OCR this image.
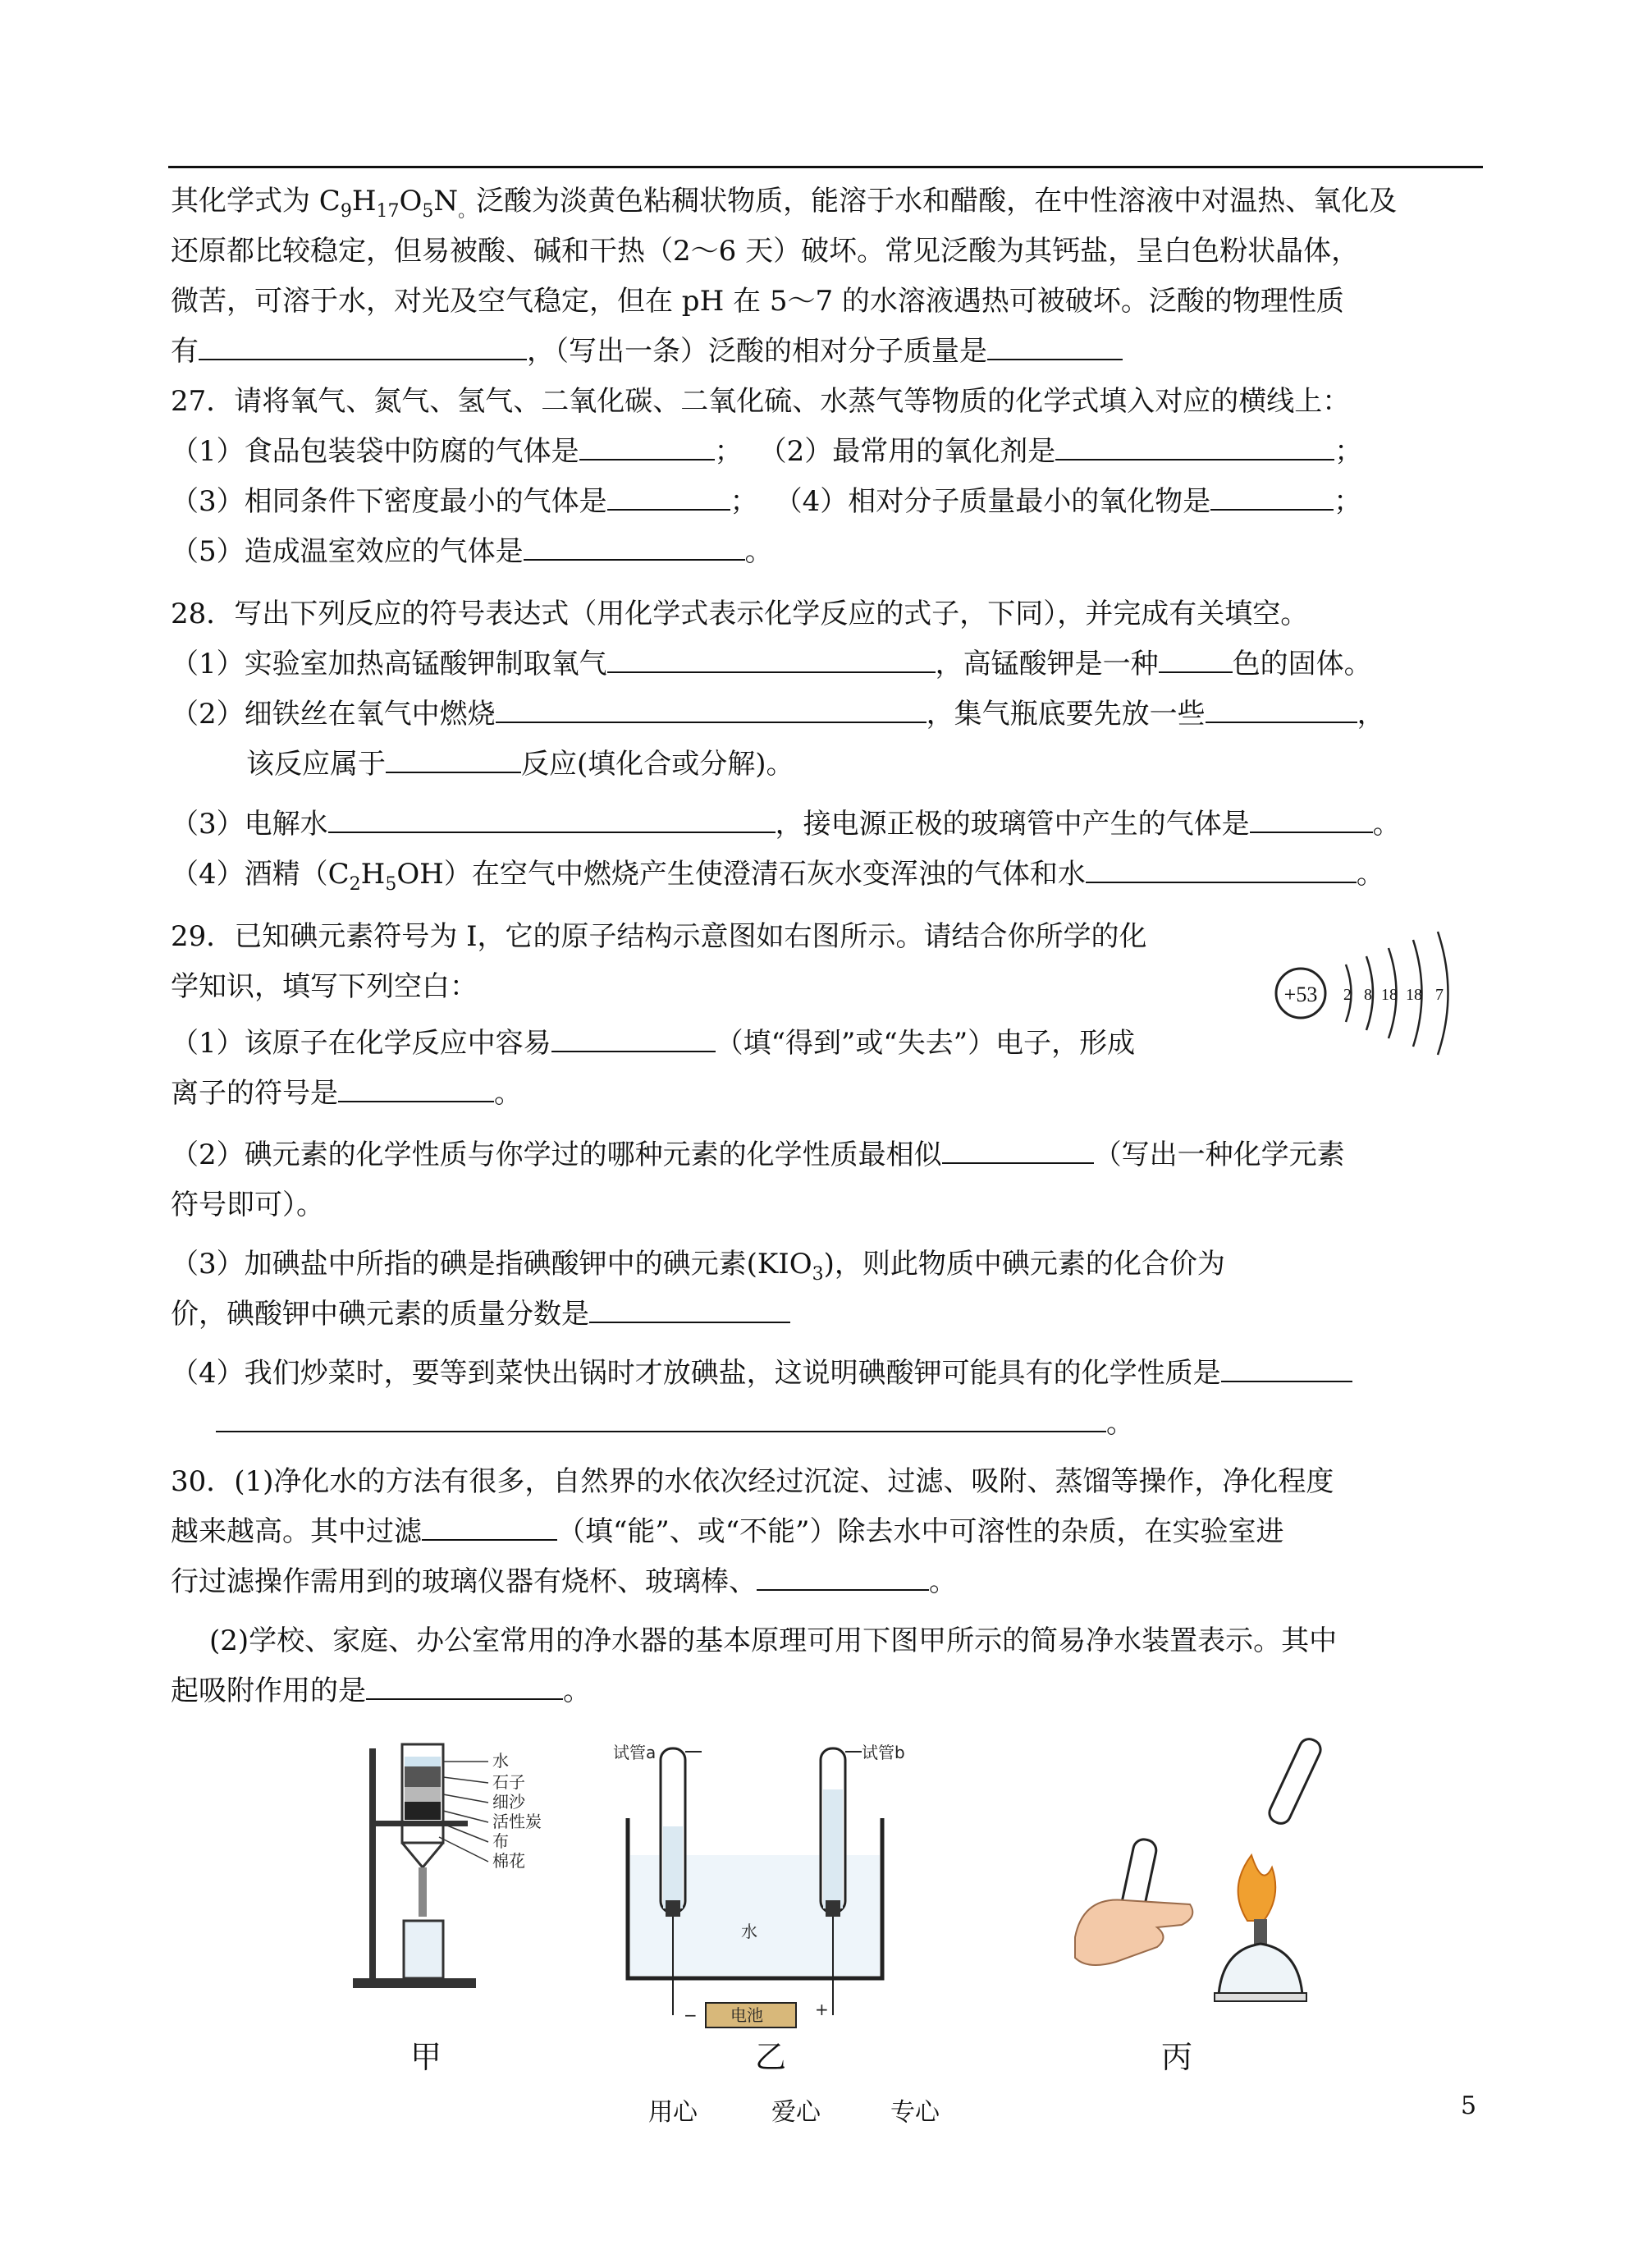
其化学式为 $C_9H_{17}O_5N_。$泛酸为淡黄色粘稠状物质，能溶于水和醋酸，在中性溶液中对温热、氧化及
还原都比较稳定，但易被酸、碱和干热（2～6 天）破坏。常见泛酸为其钙盐，呈白色粉状晶体，
微苦，可溶于水，对光及空气稳定，但在 pH 在 5～7 的水溶液遇热可被破坏。泛酸的物理性质
有	，（写出一条）泛酸的相对分子质量是
27．请将氧气、氮气、氢气、二氧化碳、二氧化硫、水蒸气等物质的化学式填入对应的横线上：
（1）食品包装袋中防腐的气体是	； （2）最常用的氧化剂是	；
（3）相同条件下密度最小的气体是	； （4）相对分子质量最小的氧化物是	；
（5）造成温室效应的气体是	。
28．写出下列反应的符号表达式（用化学式表示化学反应的式子，下同），并完成有关填空。
（1）实验室加热高锰酸钾制取氧气	，高锰酸钾是一种	色的固体。
（2）细铁丝在氧气中燃烧	，集气瓶底要先放一些	，
该反应属于	反应(填化合或分解)。
（3）电解水	，接电源正极的玻璃管中产生的气体是	。
（4）酒精$(C_2H_5OH)$在空气中燃烧产生使澄清石灰水变浑浊的气体和水	。
29．已知碘元素符号为 I，它的原子结构示意图如右图所示。请结合你所学的化
学知识，填写下列空白：	+53 2 8 18 18 7
（1）该原子在化学反应中容易	（填“得到”或“失去”）电子，形成
离子的符号是	。
（2）碘元素的化学性质与你学过的哪种元素的化学性质最相似	（写出一种化学元素
符号即可）。
（3）加碘盐中所指的碘是指碘酸钾中的碘元素$(KIO_3)$，则此物质中碘元素的化合价为
价，碘酸钾中碘元素的质量分数是
（4）我们炒菜时，要等到菜快出锅时才放碘盐，这说明碘酸钾可能具有的化学性质是
。
30．(1)净化水的方法有很多，自然界的水依次经过沉淀、过滤、吸附、蒸馏等操作，净化程度
越来越高。其中过滤	（填“能”、或“不能”）除去水中可溶性的杂质，在实验室进
行过滤操作需用到的玻璃仪器有烧杯、玻璃棒、	。
(2)学校、家庭、办公室常用的净水器的基本原理可用下图甲所示的简易净水装置表示。其中
起吸附作用的是	。
水
石子
细沙
活性炭
布
棉花
甲
试管a	试管b
水
电池
−	+
乙	丙
用心	爱心	专心	5
